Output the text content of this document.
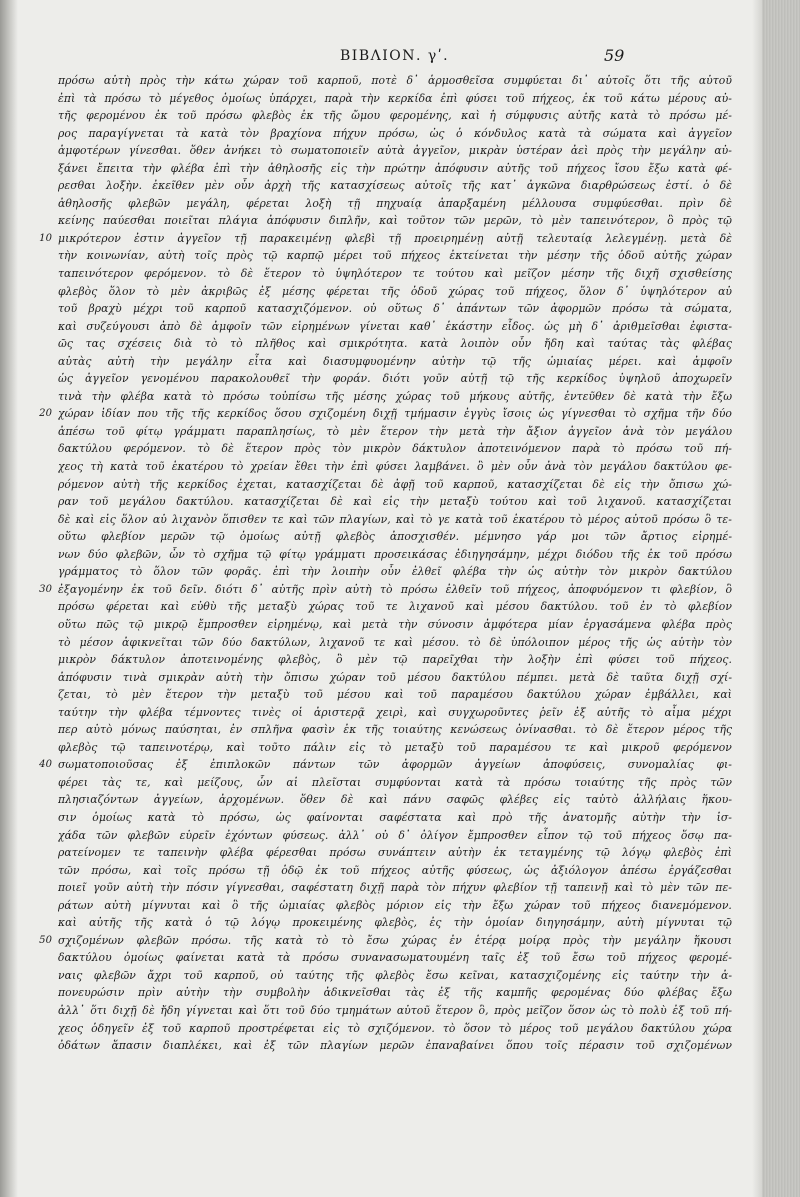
ΒΙΒΛΙΟΝ. γʹ.	59
πρόσω αὐτὴ πρὸς τὴν κάτω χώραν τοῦ καρποῦ, ποτὲ δ᾽ ἁρμοσθεῖσα συμφύεται δι᾽ αὐτοῖς ὅτι τῆς αὐτοῦ
ἐπὶ τὰ πρόσω τὸ μέγεθος ὁμοίως ὑπάρχει, παρὰ τὴν κερκίδα ἐπὶ φύσει τοῦ πήχεος, ἐκ τοῦ κάτω μέρους αὐ-
τῆς φερομένου ἐκ τοῦ πρόσω φλεβὸς ἐκ τῆς ὤμου φερομένης, καὶ ἡ σύμφυσις αὐτῆς κατὰ τὸ πρόσω μέ-
ρος παραγίγνεται τὰ κατὰ τὸν βραχίονα πήχυν πρόσω, ὡς ὁ κόνδυλος κατὰ τὰ σώματα καὶ ἀγγεῖον
ἀμφοτέρων γίνεσθαι. ὅθεν ἀνήκει τὸ σωματοποιεῖν αὐτὰ ἀγγεῖον, μικρὰν ὑστέραν ἀεὶ πρὸς τὴν μεγάλην αὐ-
ξάνει ἔπειτα τὴν φλέβα ἐπὶ τὴν ἀθηλοσῆς εἰς τὴν πρώτην ἀπόφυσιν αὐτῆς τοῦ πήχεος ἴσου ἔξω κατὰ φέ-
ρεσθαι λοξὴν. ἐκεῖθεν μὲν οὖν ἀρχὴ τῆς κατασχίσεως αὐτοῖς τῆς κατ᾽ ἀγκῶνα διαρθρώσεως ἐστί. ὁ δὲ
ἀθηλοσῆς φλεβῶν μεγάλη, φέρεται λοξὴ τῇ πηχυαίᾳ ἀπαρξαμένη μέλλουσα συμφύεσθαι. πρὶν δὲ
κείνης παύεσθαι ποιεῖται πλάγια ἀπόφυσιν διπλῆν, καὶ τοῦτον τῶν μερῶν, τὸ μὲν ταπεινότερον, ὃ πρὸς τῷ
10 μικρότερον ἐστιν ἀγγεῖον τῇ παρακειμένῃ φλεβὶ τῇ προειρημένῃ αὐτῇ τελευταίᾳ λελεγμένῃ. μετὰ δὲ
τὴν κοινωνίαν, αὐτὴ τοῖς πρὸς τῷ καρπῷ μέρει τοῦ πήχεος ἐκτείνεται τὴν μέσην τῆς ὁδοῦ αὐτῆς χώραν
ταπεινότερον φερόμενον. τὸ δὲ ἕτερον τὸ ὑψηλότερον τε τούτου καὶ μεῖζον μέσην τῆς διχῆ σχισθείσης
φλεβὸς ὅλον τὸ μὲν ἀκριβῶς ἐξ μέσης φέρεται τῆς ὁδοῦ χώρας τοῦ πήχεος, ὅλον δ᾽ ὑψηλότερον αὐ
τοῦ βραχὺ μέχρι τοῦ καρποῦ κατασχιζόμενον. οὐ οὕτως δ᾽ ἀπάντων τῶν ἀφορμῶν πρόσω τὰ σώματα,
καὶ συζεύγουσι ἀπὸ δὲ ἀμφοῖν τῶν εἰρημένων γίνεται καθ᾽ ἑκάστην εἶδος. ὡς μὴ δ᾽ ἀριθμεῖσθαι ἐφιστα-
ῶς τας σχέσεις διὰ τὸ τὸ πλῆθος καὶ σμικρότητα. κατὰ λοιπὸν οὖν ἤδη καὶ ταύτας τὰς φλέβας
αὐτὰς αὐτὴ τὴν μεγάλην εἶτα καὶ διασυμφυομένην αὐτὴν τῷ τῆς ὠμιαίας μέρει. καὶ ἀμφοῖν
ὡς ἀγγεῖον γενομένου παρακολουθεῖ τὴν φοράν. διότι γοῦν αὐτῇ τῷ τῆς κερκίδος ὑψηλοῦ ἀποχωρεῖν
τινὰ τὴν φλέβα κατὰ τὸ πρόσω τοὐπίσω τῆς μέσης χώρας τοῦ μήκους αὐτῆς, ἐντεῦθεν δὲ κατὰ τὴν ἔξω
20 χώραν ἰδίαν που τῆς τῆς κερκίδος ὅσου σχιζομένη διχῇ τμήμασιν ἐγγὺς ἴσοις ὡς γίγνεσθαι τὸ σχῆμα τῆν δύο
ἀπέσω τοῦ φίτῳ γράμματι παραπλησίως, τὸ μὲν ἕτερον τὴν μετὰ τὴν ἄξιον ἀγγεῖον ἀνὰ τὸν μεγάλου
δακτύλου φερόμενον. τὸ δὲ ἕτερον πρὸς τὸν μικρὸν δάκτυλον ἀποτεινόμενον παρὰ τὸ πρόσω τοῦ πή-
χεος τὴ κατὰ τοῦ ἑκατέρου τὸ χρείαν ἔθει τὴν ἐπὶ φύσει λαμβάνει. ὃ μὲν οὖν ἀνὰ τὸν μεγάλου δακτύλου φε-
ρόμενον αὐτὴ τῆς κερκίδος ἐχεται, κατασχίζεται δὲ ἀφῇ τοῦ καρποῦ, κατασχίζεται δὲ εἰς τὴν ὄπισω χώ-
ραν τοῦ μεγάλου δακτύλου. κατασχίζεται δὲ καὶ εἰς τὴν μεταξὺ τούτου καὶ τοῦ λιχανοῦ. κατασχίζεται
δὲ καὶ εἰς ὅλον αὐ λιχανὸν ὅπισθεν τε καὶ τῶν πλαγίων, καὶ τὸ γε κατὰ τοῦ ἑκατέρου τὸ μέρος αὐτοῦ πρόσω ὃ τε-
οὕτω φλεβίον μερῶν τῷ ὁμοίως αὐτῇ φλεβὸς ἀποσχισθέν. μέμνησο γάρ μοι τῶν ἄρτιος εἰρημέ-
νων δύο φλεβῶν, ὧν τὸ σχῆμα τῷ φίτῳ γράμματι προσεικάσας ἐδιηγησάμην, μέχρι διόδου τῆς ἐκ τοῦ πρόσω
γράμματος τὸ ὅλον τῶν φορᾶς. ἐπὶ τὴν λοιπὴν οὖν ἐλθεῖ φλέβα τὴν ὡς αὐτὴν τὸν μικρὸν δακτύλου
30 ἐξαγομένην ἐκ τοῦ δεῖν. διότι δ᾽ αὐτῆς πρὶν αὐτὴ τὸ πρόσω ἐλθεῖν τοῦ πήχεος, ἀποφυόμενον τι φλεβίον, ὃ
πρόσω φέρεται καὶ εὐθὺ τῆς μεταξὺ χώρας τοῦ τε λιχανοῦ καὶ μέσου δακτύλου. τοῦ ἐν τὸ φλεβίον
οὕτω πῶς τῷ μικρῷ ἔμπροσθεν εἰρημένῳ, καὶ μετὰ τὴν σύνοσιν ἀμφότερα μίαν ἐργασάμενα φλέβα πρὸς
τὸ μέσον ἀφικνεῖται τῶν δύο δακτύλων, λιχανοῦ τε καὶ μέσου. τὸ δὲ ὑπόλοιπον μέρος τῆς ὡς αὐτὴν τὸν
μικρὸν δάκτυλον ἀποτεινομένης φλεβὸς, ὃ μὲν τῷ παρεῖχθαι τὴν λοξὴν ἐπὶ φύσει τοῦ πήχεος.
ἀπόφυσιν τινὰ σμικρὰν αὐτὴ τὴν ὄπισω χώραν τοῦ μέσου δακτύλου πέμπει. μετὰ δὲ ταῦτα διχῇ σχί-
ζεται, τὸ μὲν ἕτερον τὴν μεταξὺ τοῦ μέσου καὶ τοῦ παραμέσου δακτύλου χώραν ἐμβάλλει, καὶ
ταύτην τὴν φλέβα τέμνοντες τινὲς οἱ ἀριστερᾷ χειρὶ, καὶ συγχωροῦντες ῥεῖν ἐξ αὐτῆς τὸ αἷμα μέχρι
περ αὐτὸ μόνως παύσηται, ἐν σπλῆνα φασὶν ἐκ τῆς τοιαύτης κενώσεως ὀνίνασθαι. τὸ δὲ ἕτερον μέρος τῆς
φλεβὸς τῷ ταπεινοτέρῳ, καὶ τοῦτο πάλιν εἰς τὸ μεταξὺ τοῦ παραμέσου τε καὶ μικροῦ φερόμενον
40 σωματοποιοῦσας ἐξ ἐπιπλοκῶν πάντων τῶν ἀφορμῶν ἀγγείων ἀποφύσεις, συνομαλίας φι-
φέρει τὰς τε, καὶ μείζους, ὧν αἱ πλεῖσται συμφύονται κατὰ τὰ πρόσω τοιαύτης τῆς πρὸς τῶν
πλησιαζόντων ἀγγείων, ἀρχομένων. ὅθεν δὲ καὶ πάνυ σαφῶς φλέβες εἰς ταὐτὸ ἀλλήλαις ἥκου-
σιν ὁμοίως κατὰ τὸ πρόσω, ὡς φαίνονται σαφέστατα καὶ πρὸ τῆς ἀνατομῆς αὐτὴν τὴν ἰσ-
χάδα τῶν φλεβῶν εὑρεῖν ἐχόντων φύσεως. ἀλλ᾽ οὐ δ᾽ ὀλίγον ἔμπροσθεν εἶπον τῷ τοῦ πήχεος ὅσῳ πα-
ρατείνομεν τε ταπεινὴν φλέβα φέρεσθαι πρόσω συνάπτειν αὐτὴν ἐκ τεταγμένης τῷ λόγῳ φλεβὸς ἐπὶ
τῶν πρόσω, καὶ τοῖς πρόσω τῇ ὁδῷ ἐκ τοῦ πήχεος αὐτῆς φύσεως, ὡς ἀξιόλογον ἀπέσω ἐργάζεσθαι
ποιεῖ γοῦν αὐτὴ τὴν πόσιν γίγνεσθαι, σαφέστατη διχῇ παρὰ τὸν πήχυν φλεβίον τῇ ταπεινῇ καὶ τὸ μὲν τῶν πε-
ράτων αὐτὴ μίγνυται καὶ ὃ τῆς ὠμιαίας φλεβὸς μόριον εἰς τὴν ἔξω χώραν τοῦ πήχεος διανεμόμενον.
καὶ αὐτῆς τῆς κατὰ ὁ τῷ λόγῳ προκειμένης φλεβὸς, ἐς τὴν ὁμοίαν διηγησάμην, αὐτὴ μίγνυται τῷ
50 σχιζομένων φλεβῶν πρόσω. τῆς κατὰ τὸ τὸ ἔσω χώρας ἐν ἑτέρᾳ μοίρᾳ πρὸς τὴν μεγάλην ἥκουσι
δακτύλου ὁμοίως φαίνεται κατὰ τὰ πρόσω συνανασωματουμένη ταῖς ἐξ τοῦ ἔσω τοῦ πήχεος φερομέ-
ναις φλεβῶν ἄχρι τοῦ καρποῦ, οὐ ταύτης τῆς φλεβὸς ἔσω κεῖναι, κατασχιζομένης εἰς ταύτην τὴν ἀ-
πονευρώσιν πρὶν αὐτὴν τὴν συμβολὴν ἀδικνεῖσθαι τὰς ἐξ τῆς καμπῆς φερομένας δύο φλέβας ἔξω
ἀλλ᾽ ὅτι διχῇ δὲ ἤδη γίγνεται καὶ ὅτι τοῦ δύο τμημάτων αὐτοῦ ἕτερον ὃ, πρὸς μεῖζον ὅσον ὡς τὸ πολὺ ἐξ τοῦ πή-
χεος ὁδηγεῖν ἐξ τοῦ καρποῦ προστρέφεται εἰς τὸ σχιζόμενον. τὸ ὅσον τὸ μέρος τοῦ μεγάλου δακτύλου χώρα
ὀδάτων ἅπασιν διαπλέκει, καὶ ἐξ τῶν πλαγίων μερῶν ἐπαναβαίνει ὅπου τοῖς πέρασιν τοῦ σχιζομένων
